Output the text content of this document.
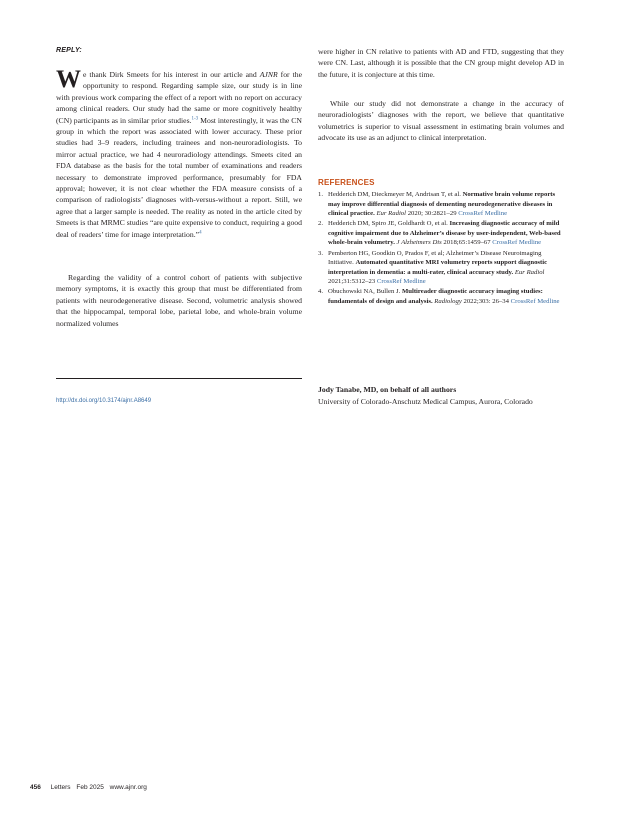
REPLY:

We thank Dirk Smeets for his interest in our article and AJNR for the opportunity to respond. Regarding sample size, our study is in line with previous work comparing the effect of a report with no report on accuracy among clinical readers. Our study had the same or more cognitively healthy (CN) participants as in similar prior studies.$^{1-3}$ Most interestingly, it was the CN group in which the report was associated with lower accuracy. These prior studies had 3–9 readers, including trainees and non-neuroradiologists. To mirror actual practice, we had 4 neuroradiology attendings. Smeets cited an FDA database as the basis for the total number of examinations and readers necessary to demonstrate improved performance, presumably for FDA approval; however, it is not clear whether the FDA measure consists of a comparison of radiologists’ diagnoses with-versus-without a report. Still, we agree that a larger sample is needed. The reality as noted in the article cited by Smeets is that MRMC studies “are quite expensive to conduct, requiring a good deal of readers’ time for image interpretation.”$^4$

Regarding the validity of a control cohort of patients with subjective memory symptoms, it is exactly this group that must be differentiated from patients with neurodegenerative disease. Second, volumetric analysis showed that the hippocampal, temporal lobe, parietal lobe, and whole-brain volume normalized volumes

were higher in CN relative to patients with AD and FTD, suggesting that they were CN. Last, although it is possible that the CN group might develop AD in the future, it is conjecture at this time.

While our study did not demonstrate a change in the accuracy of neuroradiologists’ diagnoses with the report, we believe that quantitative volumetrics is superior to visual assessment in estimating brain volumes and advocate its use as an adjunct to clinical interpretation.

REFERENCES
1. Hedderich DM, Dieckmeyer M, Andrisan T, et al. Normative brain volume reports may improve differential diagnosis of dementing neurodegenerative diseases in clinical practice. Eur Radiol 2020; 30:2821–29 CrossRef Medline
2. Hedderich DM, Spiro JE, Goldhardt O, et al. Increasing diagnostic accuracy of mild cognitive impairment due to Alzheimer’s disease by user-independent, Web-based whole-brain volumetry. J Alzheimers Dis 2018;65:1459–67 CrossRef Medline
3. Pemberton HG, Goodkin O, Prados F, et al; Alzheimer’s Disease Neuroimaging Initiative. Automated quantitative MRI volumetry reports support diagnostic interpretation in dementia: a multi-rater, clinical accuracy study. Eur Radiol 2021;31:5312–23 CrossRef Medline
4. Obuchowski NA, Bullen J. Multireader diagnostic accuracy imaging studies: fundamentals of design and analysis. Radiology 2022;303: 26–34 CrossRef Medline
http://dx.doi.org/10.3174/ajnr.A8649
Jody Tanabe, MD, on behalf of all authors
University of Colorado-Anschutz Medical Campus, Aurora, Colorado
456 Letters Feb 2025 www.ajnr.org
